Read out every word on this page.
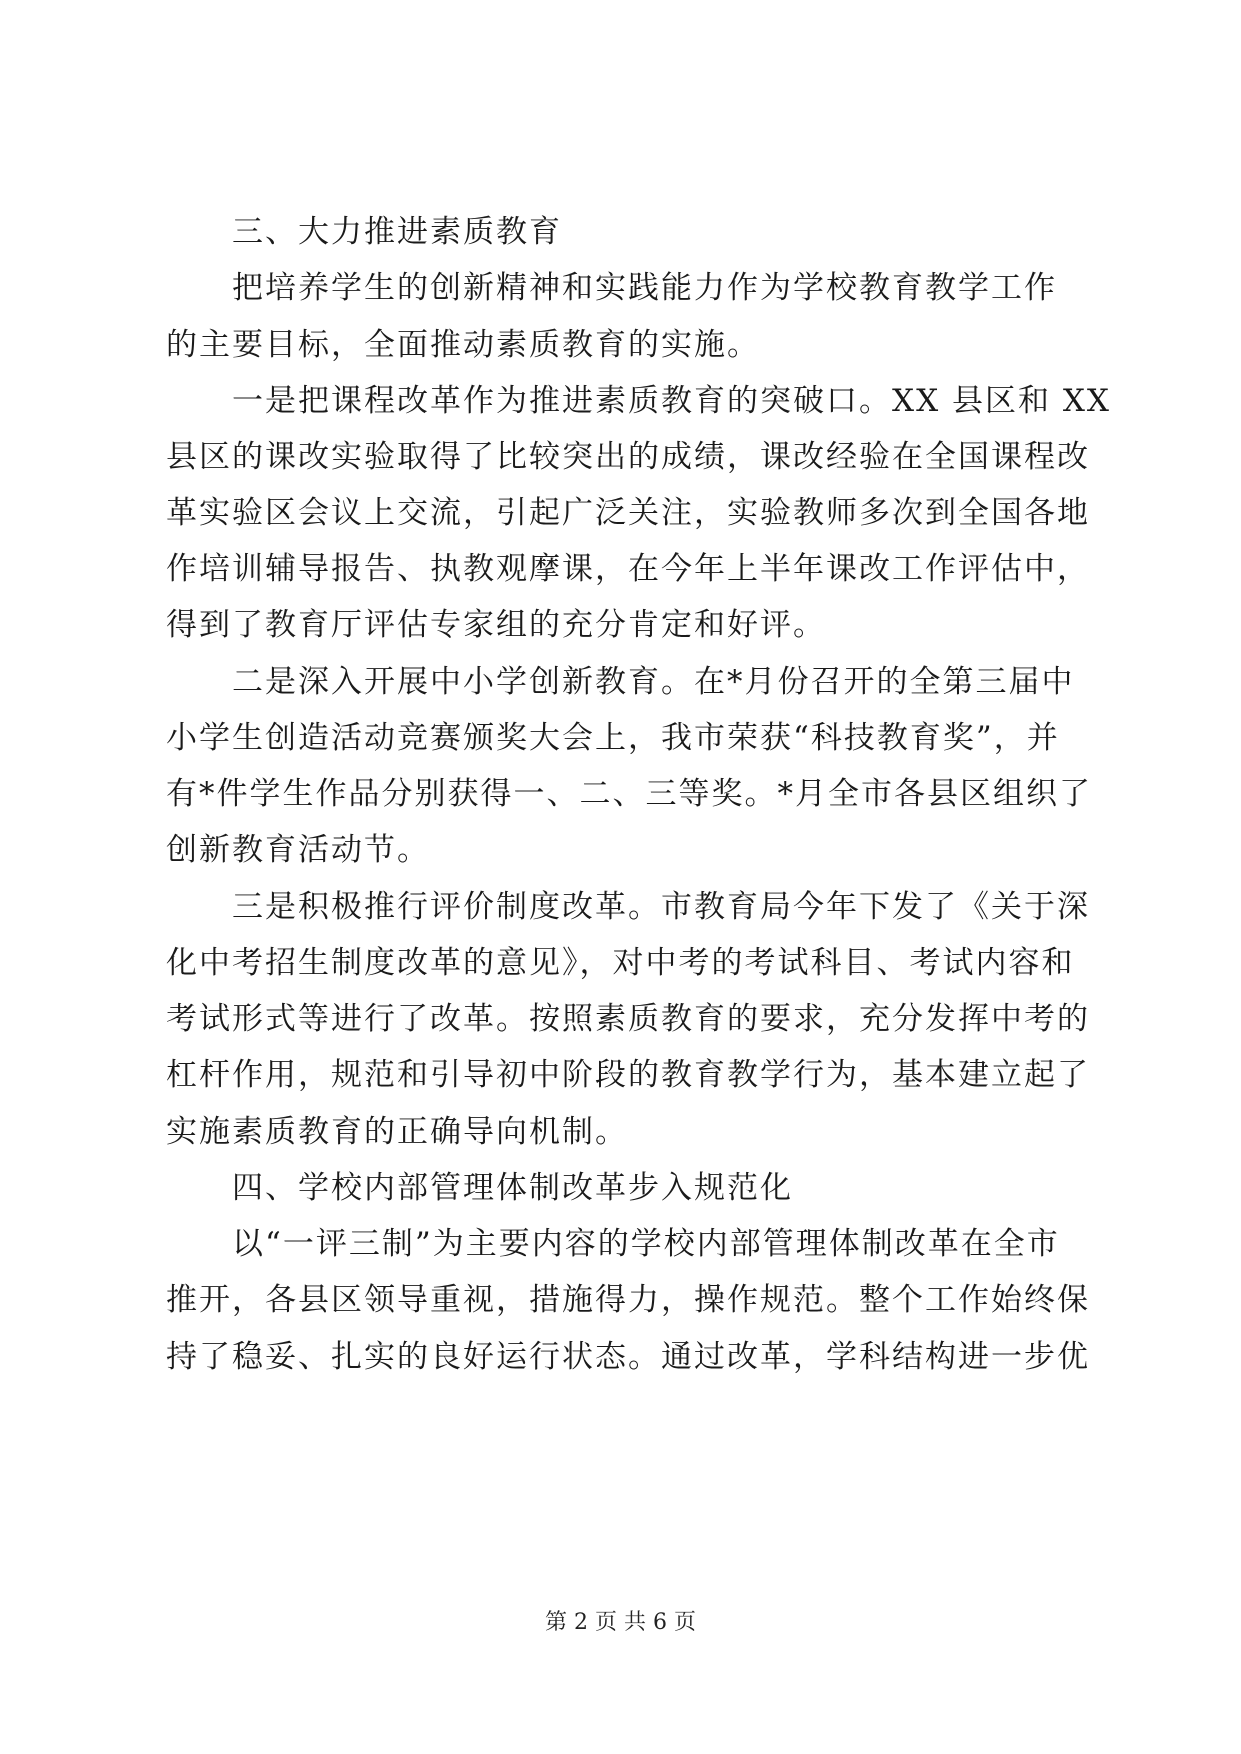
三、大力推进素质教育
把培养学生的创新精神和实践能力作为学校教育教学工作
的主要目标，全面推动素质教育的实施。
一是把课程改革作为推进素质教育的突破口。XX 县区和 XX
县区的课改实验取得了比较突出的成绩，课改经验在全国课程改
革实验区会议上交流，引起广泛关注，实验教师多次到全国各地
作培训辅导报告、执教观摩课，在今年上半年课改工作评估中，
得到了教育厅评估专家组的充分肯定和好评。
二是深入开展中小学创新教育。在*月份召开的全第三届中
小学生创造活动竞赛颁奖大会上，我市荣获“科技教育奖”，并
有*件学生作品分别获得一、二、三等奖。*月全市各县区组织了
创新教育活动节。
三是积极推行评价制度改革。市教育局今年下发了《关于深
化中考招生制度改革的意见》，对中考的考试科目、考试内容和
考试形式等进行了改革。按照素质教育的要求，充分发挥中考的
杠杆作用，规范和引导初中阶段的教育教学行为，基本建立起了
实施素质教育的正确导向机制。
四、学校内部管理体制改革步入规范化
以“一评三制”为主要内容的学校内部管理体制改革在全市
推开，各县区领导重视，措施得力，操作规范。整个工作始终保
持了稳妥、扎实的良好运行状态。通过改革，学科结构进一步优
第 2 页 共 6 页
